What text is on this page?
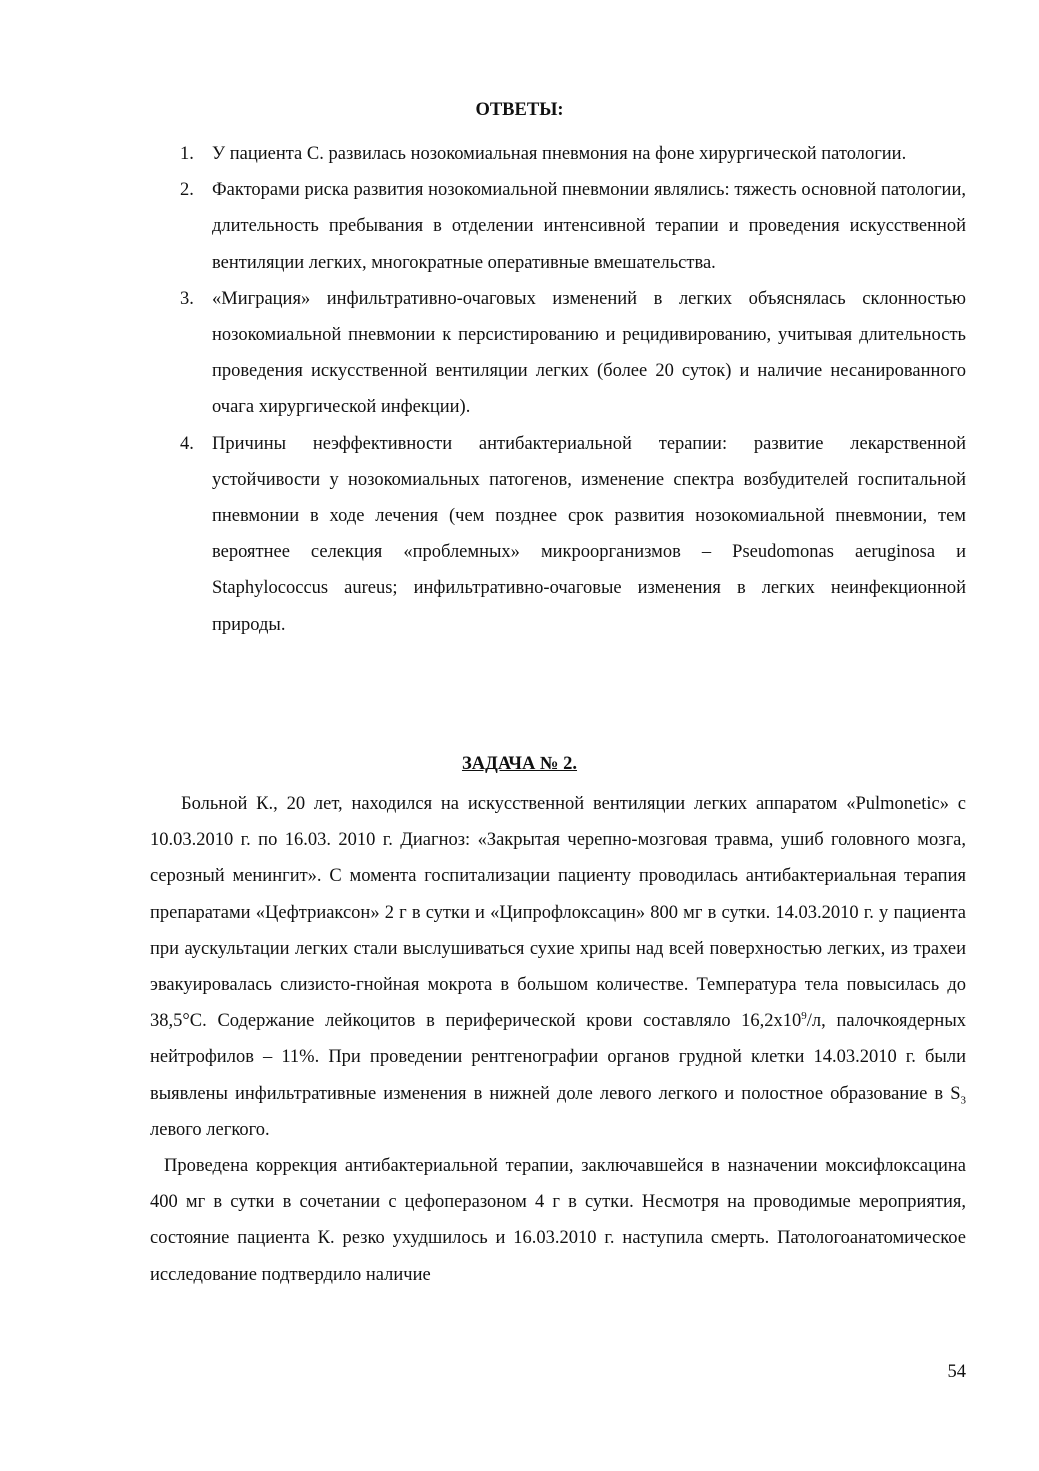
ОТВЕТЫ:
1. У пациента С. развилась нозокомиальная пневмония на фоне хирургической патологии.
2. Факторами риска развития нозокомиальной пневмонии являлись: тяжесть основной патологии, длительность пребывания в отделении интенсивной терапии и проведения искусственной вентиляции легких, многократные оперативные вмешательства.
3. «Миграция» инфильтративно-очаговых изменений в легких объяснялась склонностью нозокомиальной пневмонии к персистированию и рецидивированию, учитывая длительность проведения искусственной вентиляции легких (более 20 суток) и наличие несанированного очага хирургической инфекции).
4. Причины неэффективности антибактериальной терапии: развитие лекарственной устойчивости у нозокомиальных патогенов, изменение спектра возбудителей госпитальной пневмонии в ходе лечения (чем позднее срок развития нозокомиальной пневмонии, тем вероятнее селекция «проблемных» микроорганизмов – Pseudomonas aeruginosa и Staphylococcus aureus; инфильтративно-очаговые изменения в легких неинфекционной природы.
ЗАДАЧА № 2.

Больной К., 20 лет, находился на искусственной вентиляции легких аппаратом «Pulmonetic» с 10.03.2010 г. по 16.03. 2010 г. Диагноз: «Закрытая черепно-мозговая травма, ушиб головного мозга, серозный менингит». С момента госпитализации пациенту проводилась антибактериальная терапия препаратами «Цефтриаксон» 2 г в сутки и «Ципрофлоксацин» 800 мг в сутки. 14.03.2010 г. у пациента при аускультации легких стали выслушиваться сухие хрипы над всей поверхностью легких, из трахеи эвакуировалась слизисто-гнойная мокрота в большом количестве. Температура тела повысилась до 38,5°С. Содержание лейкоцитов в периферической крови составляло $16,2х10^9/л$, палочкоядерных нейтрофилов – 11%. При проведении рентгенографии органов грудной клетки 14.03.2010 г. были выявлены инфильтративные изменения в нижней доле левого легкого и полостное образование в $S_3$ левого легкого.

Проведена коррекция антибактериальной терапии, заключавшейся в назначении моксифлоксацина 400 мг в сутки в сочетании с цефоперазоном 4 г в сутки. Несмотря на проводимые мероприятия, состояние пациента К. резко ухудшилось и 16.03.2010 г. наступила смерть. Патологоанатомическое исследование подтвердило наличие

54
